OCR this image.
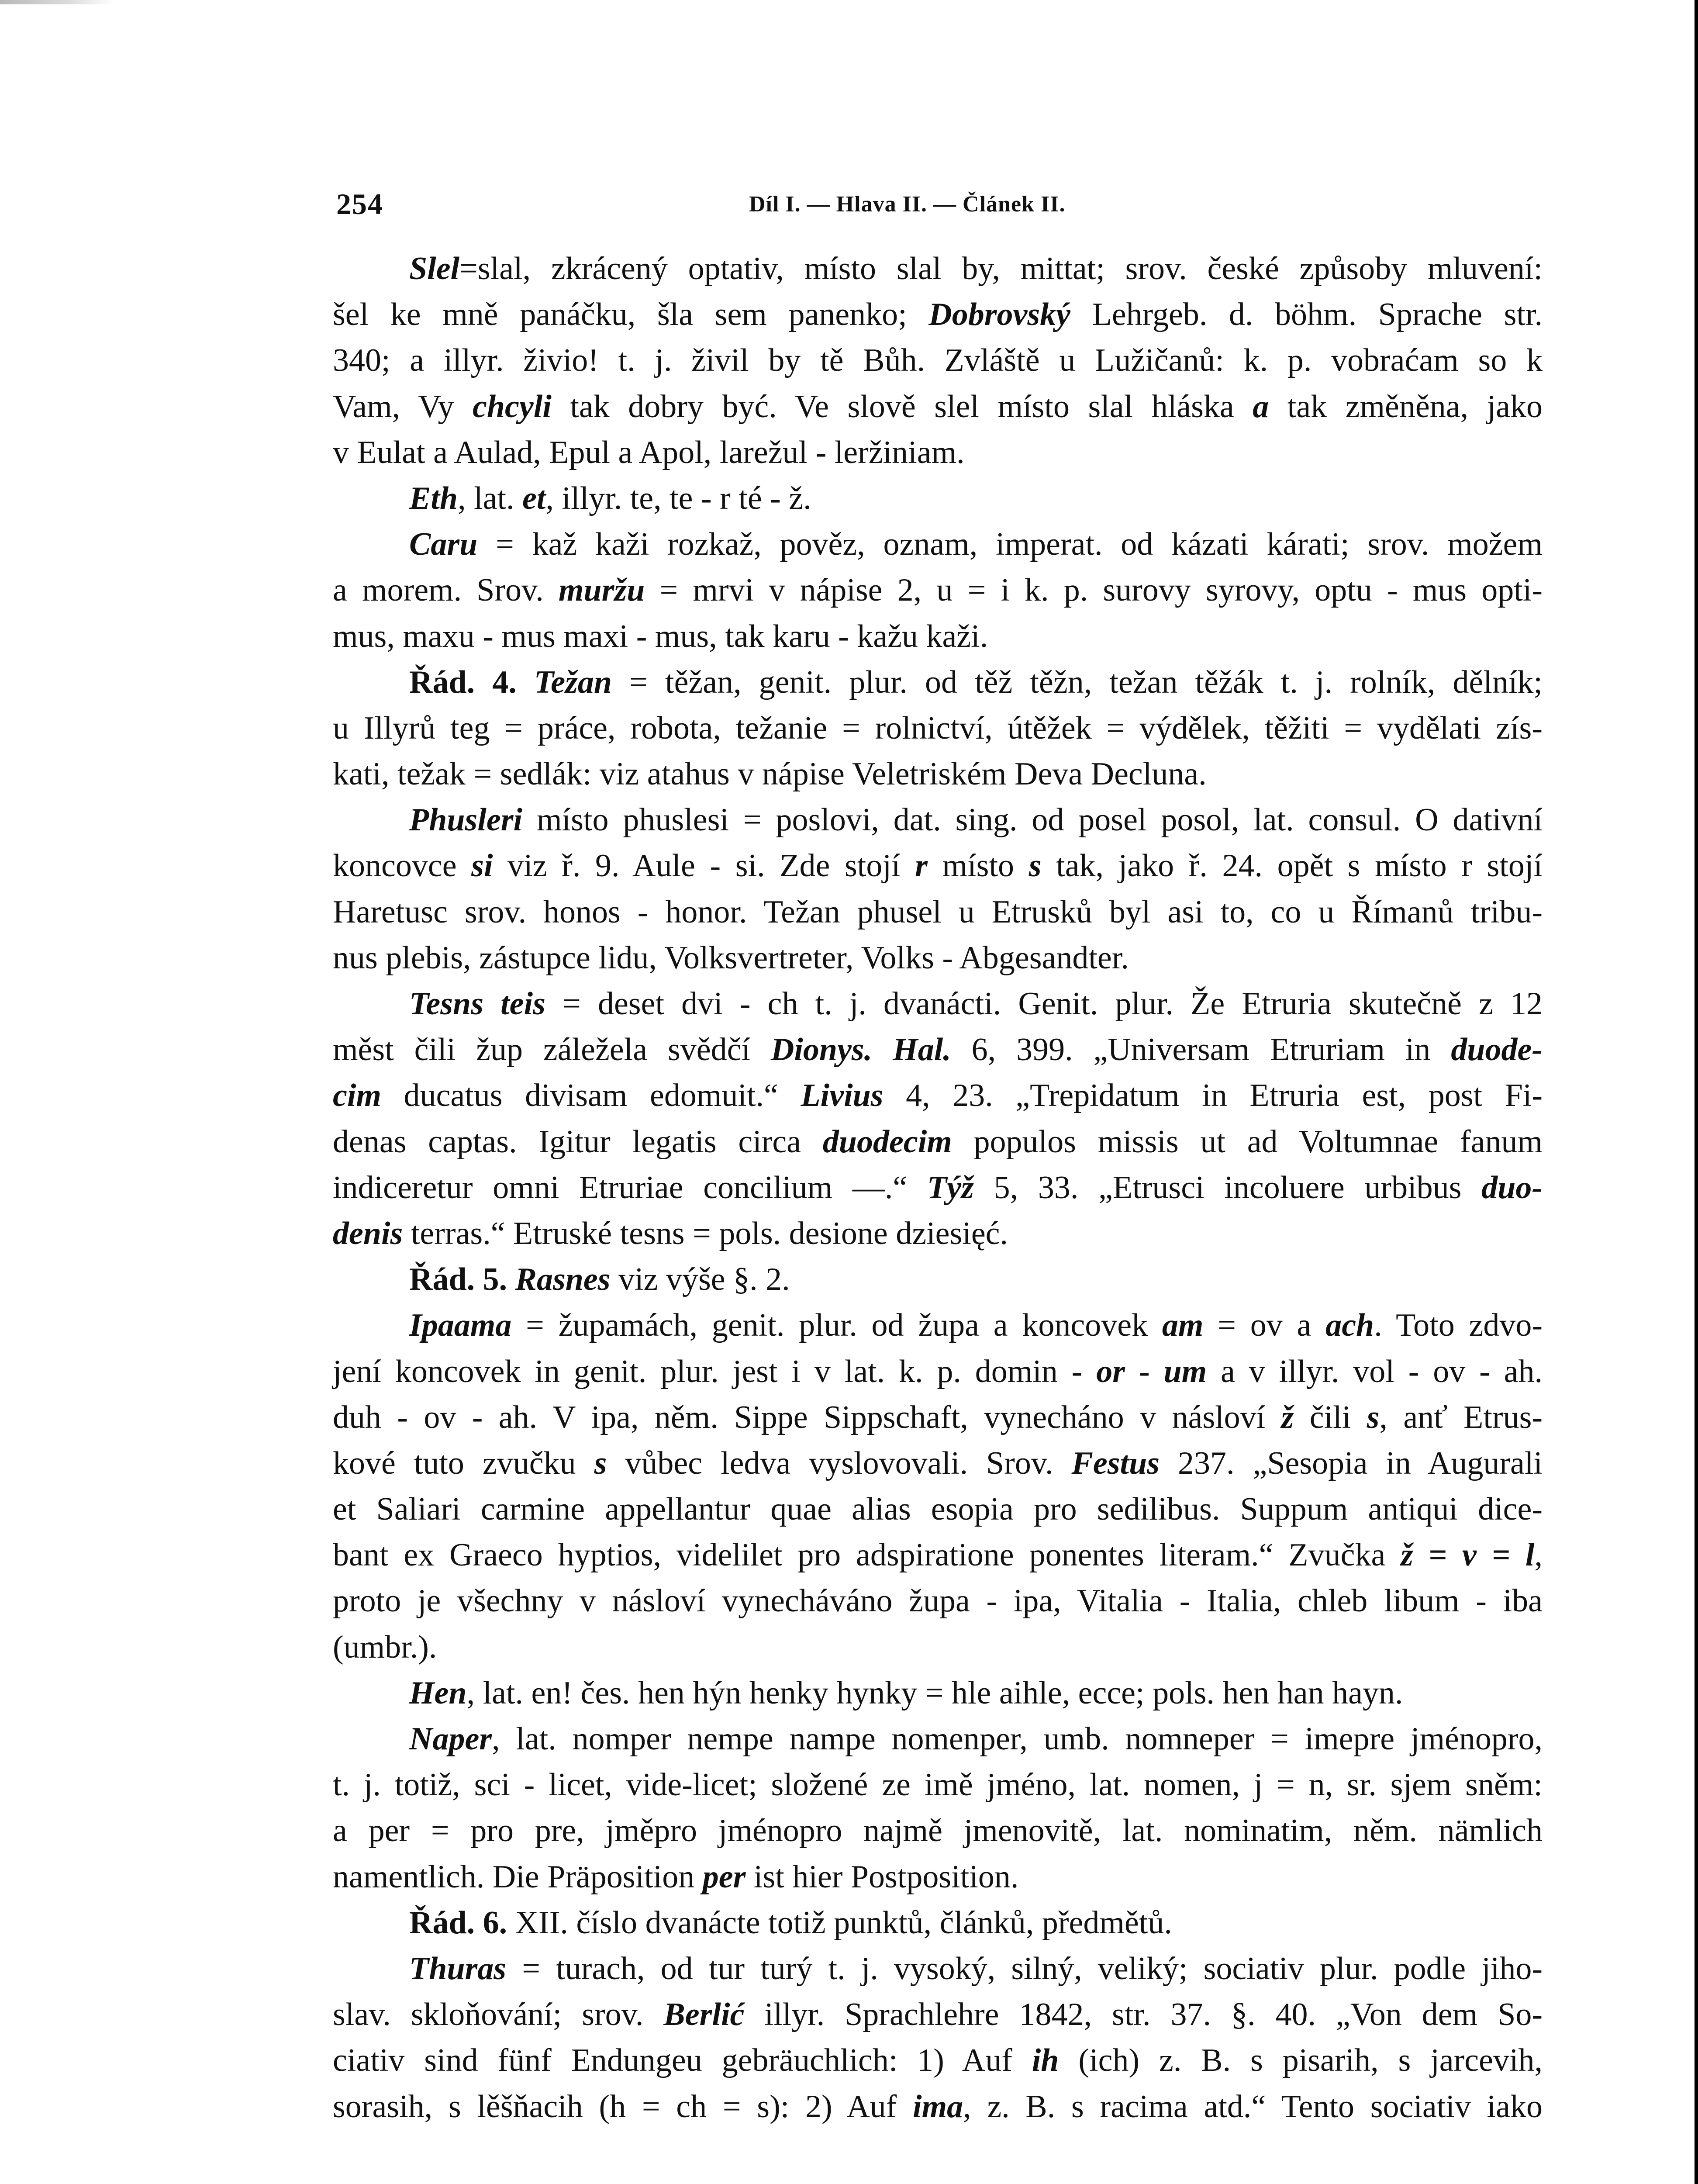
254	Díl I. — Hlava II. — Článek II.
Slel=slal, zkrácený optativ, místo slal by, mittat; srov. české způsoby mluvení:
šel ke mně panáčku, šla sem panenko; Dobrovský Lehrgeb. d. böhm. Sprache str.
340; a illyr. živio! t. j. živil by tě Bůh. Zvláště u Lužičanů: k. p. vobraćam so k
Vam, Vy chcyli tak dobry być. Ve slově slel místo slal hláska a tak změněna, jako
v Eulat a Aulad, Epul a Apol, larežul - leržiniam.
Eth, lat. et, illyr. te, te - r té - ž.
Caru = kaž kaži rozkaž, pověz, oznam, imperat. od kázati kárati; srov. možem
a morem. Srov. muržu = mrvi v nápise 2, u = i k. p. surovy syrovy, optu - mus opti-
mus, maxu - mus maxi - mus, tak karu - kažu kaži.
Řád. 4. Težan = těžan, genit. plur. od těž těžn, težan těžák t. j. rolník, dělník;
u Illyrů teg = práce, robota, težanie = rolnictví, útěžek = výdělek, těžiti = vydělati zís-
kati, težak = sedlák: viz atahus v nápise Veletriském Deva Decluna.
Phusleri místo phuslesi = poslovi, dat. sing. od posel posol, lat. consul. O dativní
koncovce si viz ř. 9. Aule - si. Zde stojí r místo s tak, jako ř. 24. opět s místo r stojí
Haretusc srov. honos - honor. Težan phusel u Etrusků byl asi to, co u Římanů tribu-
nus plebis, zástupce lidu, Volksvertreter, Volks - Abgesandter.
Tesns teis = deset dvi - ch t. j. dvanácti. Genit. plur. Že Etruria skutečně z 12
měst čili žup záležela svědčí Dionys. Hal. 6, 399. „Universam Etruriam in duode-
cim ducatus divisam edomuit.“ Livius 4, 23. „Trepidatum in Etruria est, post Fi-
denas captas. Igitur legatis circa duodecim populos missis ut ad Voltumnae fanum
indiceretur omni Etruriae concilium —.“ Týž 5, 33. „Etrusci incoluere urbibus duo-
denis terras.“ Etruské tesns = pols. desione dziesięć.
Řád. 5. Rasnes viz výše §. 2.
Ipaama = župamách, genit. plur. od župa a koncovek am = ov a ach. Toto zdvo-
jení koncovek in genit. plur. jest i v lat. k. p. domin - or - um a v illyr. vol - ov - ah.
duh - ov - ah. V ipa, něm. Sippe Sippschaft, vynecháno v násloví ž čili s, anť Etrus-
kové tuto zvučku s vůbec ledva vyslovovali. Srov. Festus 237. „Sesopia in Augurali
et Saliari carmine appellantur quae alias esopia pro sedilibus. Suppum antiqui dice-
bant ex Graeco hyptios, videlilet pro adspiratione ponentes literam.“ Zvučka ž = v = l,
proto je všechny v násloví vynecháváno župa - ipa, Vitalia - Italia, chleb libum - iba
(umbr.).
Hen, lat. en! čes. hen hýn henky hynky = hle aihle, ecce; pols. hen han hayn.
Naper, lat. nomper nempe nampe nomenper, umb. nomneper = imepre jménopro,
t. j. totiž, sci - licet, vide-licet; složené ze imě jméno, lat. nomen, j = n, sr. sjem sněm:
a per = pro pre, jměpro jménopro najmě jmenovitě, lat. nominatim, něm. nämlich
namentlich. Die Präposition per ist hier Postposition.
Řád. 6. XII. číslo dvanácte totiž punktů, článků, předmětů.
Thuras = turach, od tur turý t. j. vysoký, silný, veliký; sociativ plur. podle jiho-
slav. skloňování; srov. Berlić illyr. Sprachlehre 1842, str. 37. §. 40. „Von dem So-
ciativ sind fünf Endungeu gebräuchlich: 1) Auf ih (ich) z. B. s pisarih, s jarcevih,
sorasih, s lěšňacih (h = ch = s): 2) Auf ima, z. B. s racima atd.“ Tento sociativ iako
